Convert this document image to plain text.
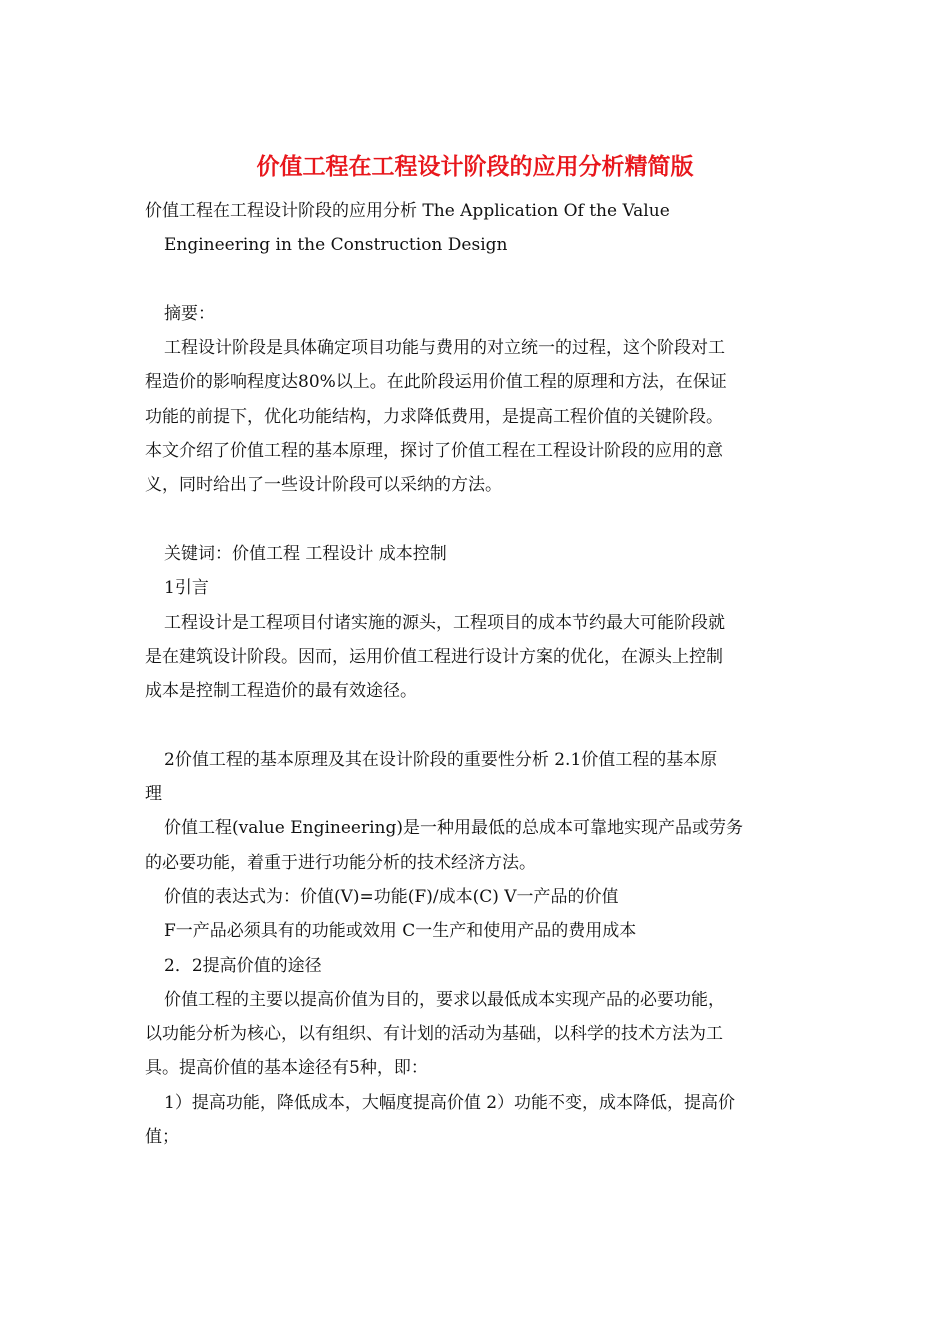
价值工程在工程设计阶段的应用分析精简版
价值工程在工程设计阶段的应用分析 The Application Of the Value
Engineering in the Construction Design
摘要：
工程设计阶段是具体确定项目功能与费用的对立统一的过程，这个阶段对工
程造价的影响程度达80%以上。在此阶段运用价值工程的原理和方法，在保证
功能的前提下，优化功能结构，力求降低费用，是提高工程价值的关键阶段。
本文介绍了价值工程的基本原理，探讨了价值工程在工程设计阶段的应用的意
义，同时给出了一些设计阶段可以采纳的方法。
关键词：价值工程 工程设计 成本控制
1引言
工程设计是工程项目付诸实施的源头，工程项目的成本节约最大可能阶段就
是在建筑设计阶段。因而，运用价值工程进行设计方案的优化，在源头上控制
成本是控制工程造价的最有效途径。
2价值工程的基本原理及其在设计阶段的重要性分析 2.1价值工程的基本原
理
价值工程(value Engineering)是一种用最低的总成本可靠地实现产品或劳务
的必要功能，着重于进行功能分析的技术经济方法。
价值的表达式为：价值(V)=功能(F)/成本(C) V一产品的价值
F一产品必须具有的功能或效用 C一生产和使用产品的费用成本
2．2提高价值的途径
价值工程的主要以提高价值为目的，要求以最低成本实现产品的必要功能，
以功能分析为核心，以有组织、有计划的活动为基础，以科学的技术方法为工
具。提高价值的基本途径有5种，即：
1）提高功能，降低成本，大幅度提高价值 2）功能不变，成本降低，提高价
值；
